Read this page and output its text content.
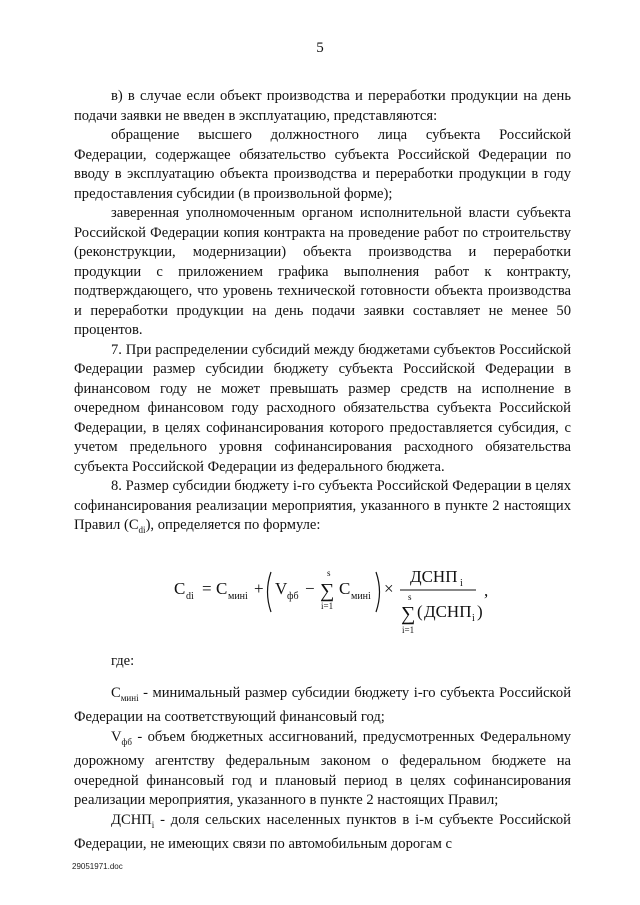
5

в) в случае если объект производства и переработки продукции на день подачи заявки не введен в эксплуатацию, представляются:

обращение высшего должностного лица субъекта Российской Федерации, содержащее обязательство субъекта Российской Федерации по вводу в эксплуатацию объекта производства и переработки продукции в году предоставления субсидии (в произвольной форме);

заверенная уполномоченным органом исполнительной власти субъекта Российской Федерации копия контракта на проведение работ по строительству (реконструкции, модернизации) объекта производства и переработки продукции с приложением графика выполнения работ к контракту, подтверждающего, что уровень технической готовности объекта производства и переработки продукции на день подачи заявки составляет не менее 50 процентов.

7. При распределении субсидий между бюджетами субъектов Российской Федерации размер субсидии бюджету субъекта Российской Федерации в финансовом году не может превышать размер средств на исполнение в очередном финансовом году расходного обязательства субъекта Российской Федерации, в целях софинансирования которого предоставляется субсидия, с учетом предельного уровня софинансирования расходного обязательства субъекта Российской Федерации из федерального бюджета.

8. Размер субсидии бюджету i-го субъекта Российской Федерации в целях софинансирования реализации мероприятия, указанного в пункте 2 настоящих Правил $(C_{di})$, определяется по формуле:

C di = C мині + V фб −
s
∑
i=1
C мині ×
ДСНП i
s
∑
i=1
( ДСНП i )
,

где:

$C_{мині}$ - минимальный размер субсидии бюджету i-го субъекта Российской Федерации на соответствующий финансовый год;

$V_{фб}$ - объем бюджетных ассигнований, предусмотренных Федеральному дорожному агентству федеральным законом о федеральном бюджете на очередной финансовый год и плановый период в целях софинансирования реализации мероприятия, указанного в пункте 2 настоящих Правил;

$ДСНП_i$ - доля сельских населенных пунктов в i-м субъекте Российской Федерации, не имеющих связи по автомобильным дорогам с

29051971.doc
